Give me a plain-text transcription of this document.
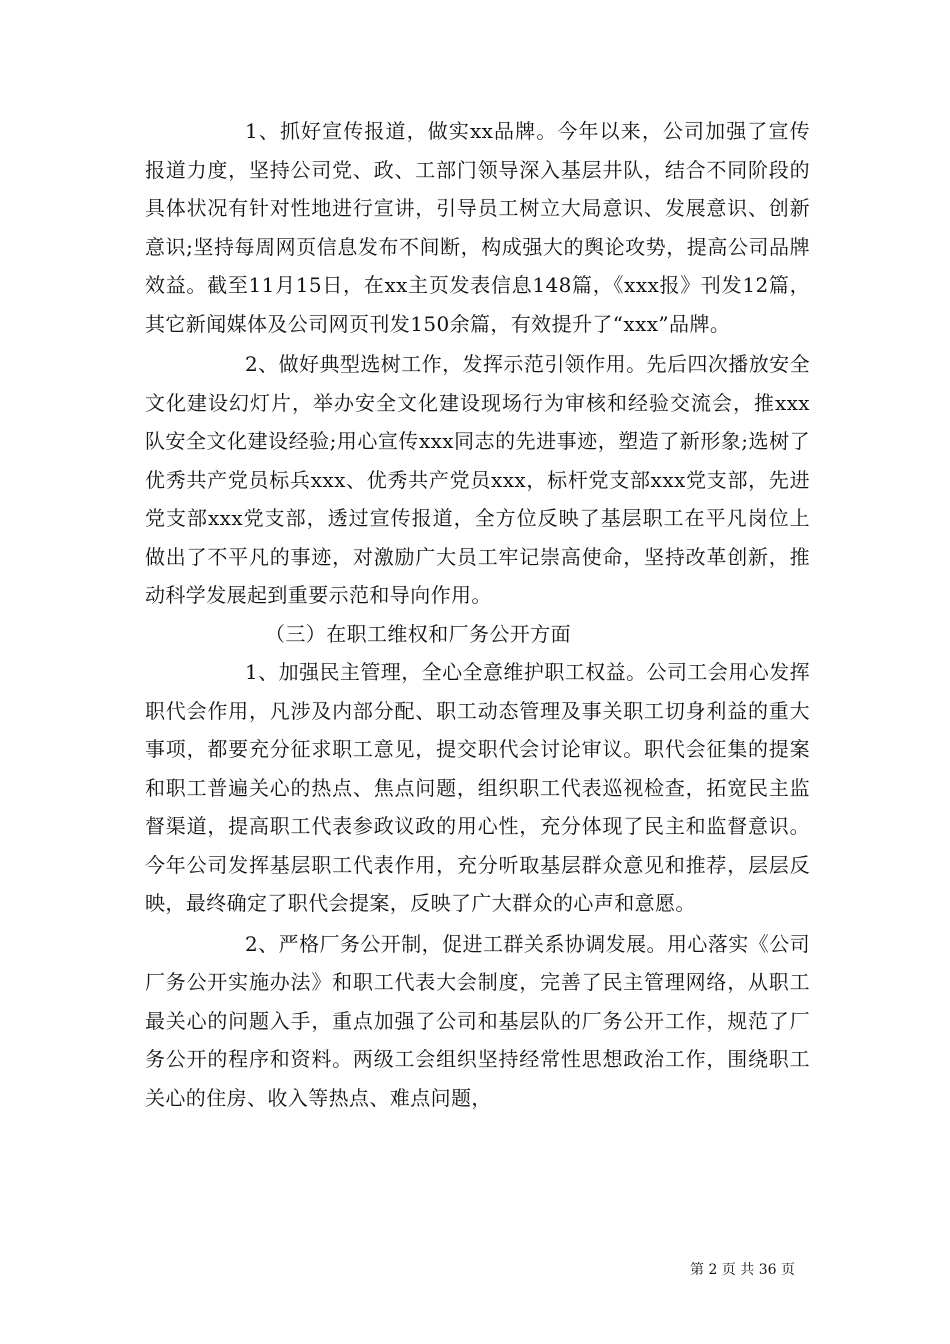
1、抓好宣传报道，做实xx品牌。今年以来，公司加强了宣传报道力度，坚持公司党、政、工部门领导深入基层井队，结合不同阶段的具体状况有针对性地进行宣讲，引导员工树立大局意识、发展意识、创新意识;坚持每周网页信息发布不间断，构成强大的舆论攻势，提高公司品牌效益。截至11月15日，在xx主页发表信息148篇，《xxx报》刊发12篇，其它新闻媒体及公司网页刊发150余篇，有效提升了“xxx”品牌。

2、做好典型选树工作，发挥示范引领作用。先后四次播放安全文化建设幻灯片，举办安全文化建设现场行为审核和经验交流会，推xxx队安全文化建设经验;用心宣传xxx同志的先进事迹，塑造了新形象;选树了优秀共产党员标兵xxx、优秀共产党员xxx，标杆党支部xxx党支部，先进党支部xxx党支部，透过宣传报道，全方位反映了基层职工在平凡岗位上做出了不平凡的事迹，对激励广大员工牢记崇高使命，坚持改革创新，推动科学发展起到重要示范和导向作用。

（三）在职工维权和厂务公开方面

1、加强民主管理，全心全意维护职工权益。公司工会用心发挥职代会作用，凡涉及内部分配、职工动态管理及事关职工切身利益的重大事项，都要充分征求职工意见，提交职代会讨论审议。职代会征集的提案和职工普遍关心的热点、焦点问题，组织职工代表巡视检查，拓宽民主监督渠道，提高职工代表参政议政的用心性，充分体现了民主和监督意识。今年公司发挥基层职工代表作用，充分听取基层群众意见和推荐，层层反映，最终确定了职代会提案，反映了广大群众的心声和意愿。

2、严格厂务公开制，促进工群关系协调发展。用心落实《公司厂务公开实施办法》和职工代表大会制度，完善了民主管理网络，从职工最关心的问题入手，重点加强了公司和基层队的厂务公开工作，规范了厂务公开的程序和资料。两级工会组织坚持经常性思想政治工作，围绕职工关心的住房、收入等热点、难点问题，

第 2 页 共 36 页
